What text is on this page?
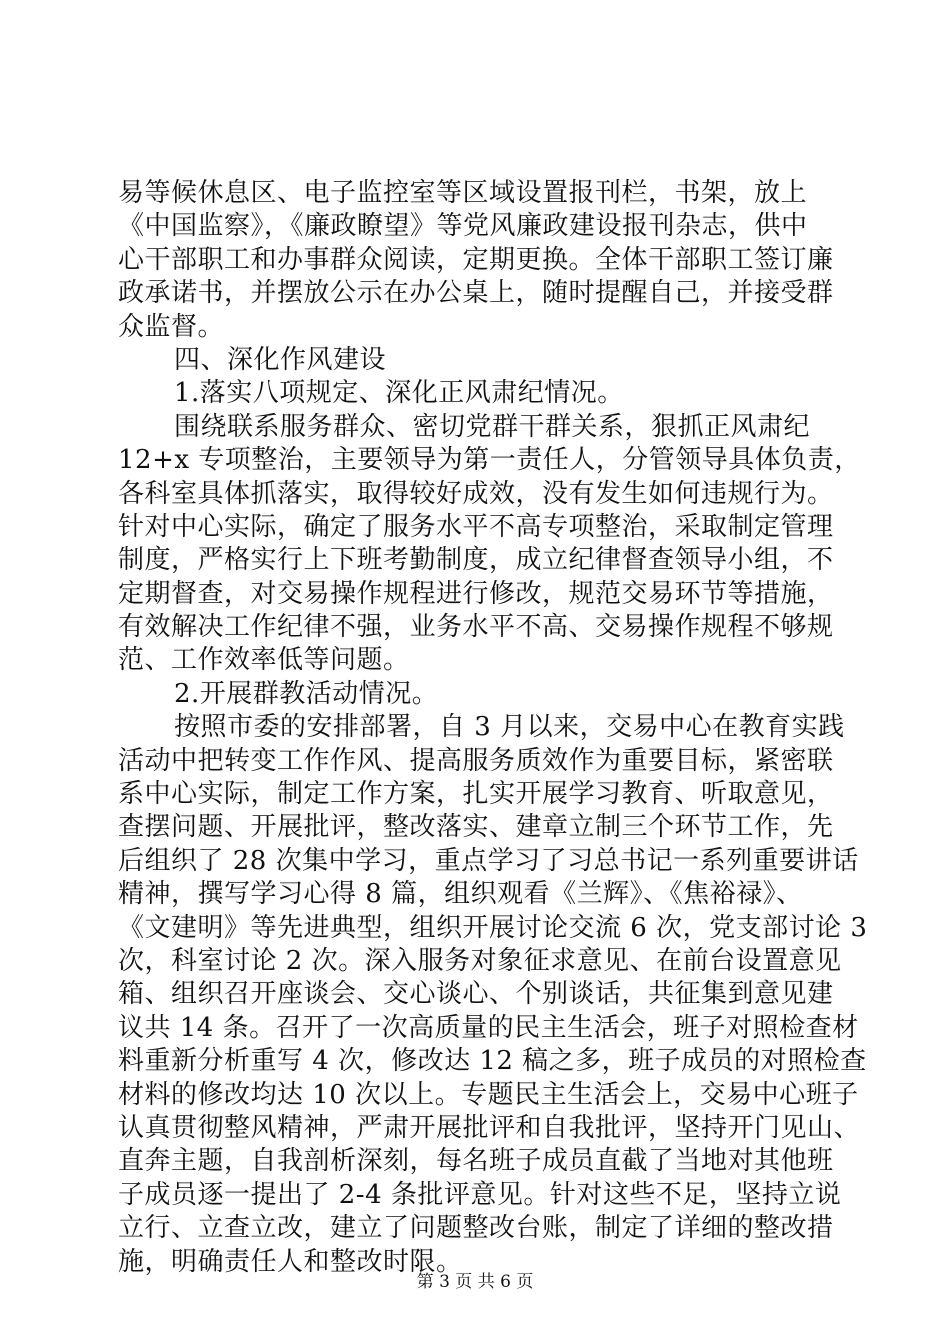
易等候休息区、电子监控室等区域设置报刊栏，书架，放上
《中国监察》，《廉政瞭望》等党风廉政建设报刊杂志，供中
心干部职工和办事群众阅读，定期更换。全体干部职工签订廉
政承诺书，并摆放公示在办公桌上，随时提醒自己，并接受群
众监督。
四、深化作风建设
1.落实八项规定、深化正风肃纪情况。
围绕联系服务群众、密切党群干群关系，狠抓正风肃纪
12+x 专项整治，主要领导为第一责任人，分管领导具体负责，
各科室具体抓落实，取得较好成效，没有发生如何违规行为。
针对中心实际，确定了服务水平不高专项整治，采取制定管理
制度，严格实行上下班考勤制度，成立纪律督查领导小组，不
定期督查，对交易操作规程进行修改，规范交易环节等措施，
有效解决工作纪律不强，业务水平不高、交易操作规程不够规
范、工作效率低等问题。
2.开展群教活动情况。
按照市委的安排部署，自 3 月以来，交易中心在教育实践
活动中把转变工作作风、提高服务质效作为重要目标，紧密联
系中心实际，制定工作方案，扎实开展学习教育、听取意见，
查摆问题、开展批评，整改落实、建章立制三个环节工作，先
后组织了 28 次集中学习，重点学习了习总书记一系列重要讲话
精神，撰写学习心得 8 篇，组织观看《兰辉》、《焦裕禄》、
《文建明》等先进典型，组织开展讨论交流 6 次，党支部讨论 3
次，科室讨论 2 次。深入服务对象征求意见、在前台设置意见
箱、组织召开座谈会、交心谈心、个别谈话，共征集到意见建
议共 14 条。召开了一次高质量的民主生活会，班子对照检查材
料重新分析重写 4 次，修改达 12 稿之多，班子成员的对照检查
材料的修改均达 10 次以上。专题民主生活会上，交易中心班子
认真贯彻整风精神，严肃开展批评和自我批评，坚持开门见山、
直奔主题，自我剖析深刻，每名班子成员直截了当地对其他班
子成员逐一提出了 2-4 条批评意见。针对这些不足，坚持立说
立行、立查立改，建立了问题整改台账，制定了详细的整改措
施，明确责任人和整改时限。
第 3 页 共 6 页
